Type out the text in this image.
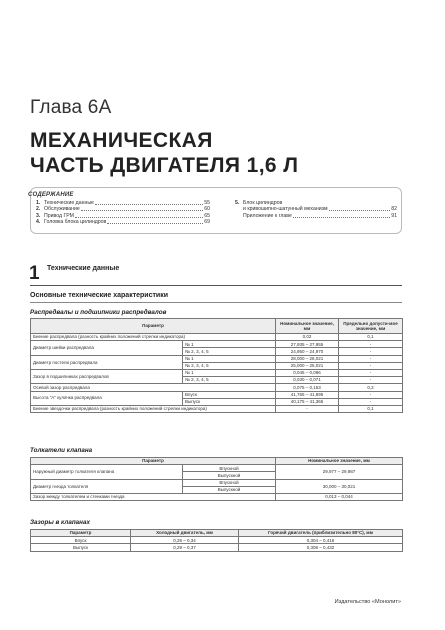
Глава 6А
МЕХАНИЧЕСКАЯ
ЧАСТЬ ДВИГАТЕЛЯ 1,6 Л
СОДЕРЖАНИЕ
1. Технические данные	55
2. Обслуживание	60
3. Привод ГРМ	65
4. Головка блока цилиндров	69
5. Блок цилиндров
и кривошипно-шатунный механизм	82
Приложение к главе	91
1 Технические данные
Основные технические характеристики
Распредвалы и подшипники распредвалов
Параметр		Номинальное значение, мм	Предельно допусти-мое значение, мм
Биение распредвала (разность крайних положений стрелки индикатора)		0,02	0,1
Диаметр шейки распредвала	№ 1	27,935 – 27,955	-
	№ 2, 3, 4, 5	24,950 – 24,970	-
Диаметр постели распредвала	№ 1	28,000 – 28,021	-
	№ 2, 3, 4, 5	25,000 – 25,021	-
Зазор в подшипниках распредвалов	№ 1	0,045 – 0,086	-
	№ 2, 3, 4, 5	0,030 – 0,071	-
Осевой зазор распредвала		0,075 – 0,153	0,2
Высота "А" кулачка распредвала	Впуск	41,765 – 41,895	-
	Выпуск	40,175 – 41,365	-
Биение звездочки распредвала (разность крайних положений стрелки индикатора)		-	0,1
Толкатели клапана
Параметр		Номинальное значение, мм
Наружный диаметр толкателя клапана	Впускной	29,977 – 29,987
	Выпускной	
Диаметр гнезда толкателя	Впускной	30,000 – 30,021
	Выпускной	
Зазор между толкателем и стенками гнезда		0,013 – 0,044
Зазоры в клапанах
Параметр	Холодный двигатель, мм	Горячий двигатель (приблизительно 80°С), мм
Впуск	0,26 – 0,34	0,304 – 0,416
Выпуск	0,29 – 0,37	0,308 – 0,432
Издательство «Монолит»
